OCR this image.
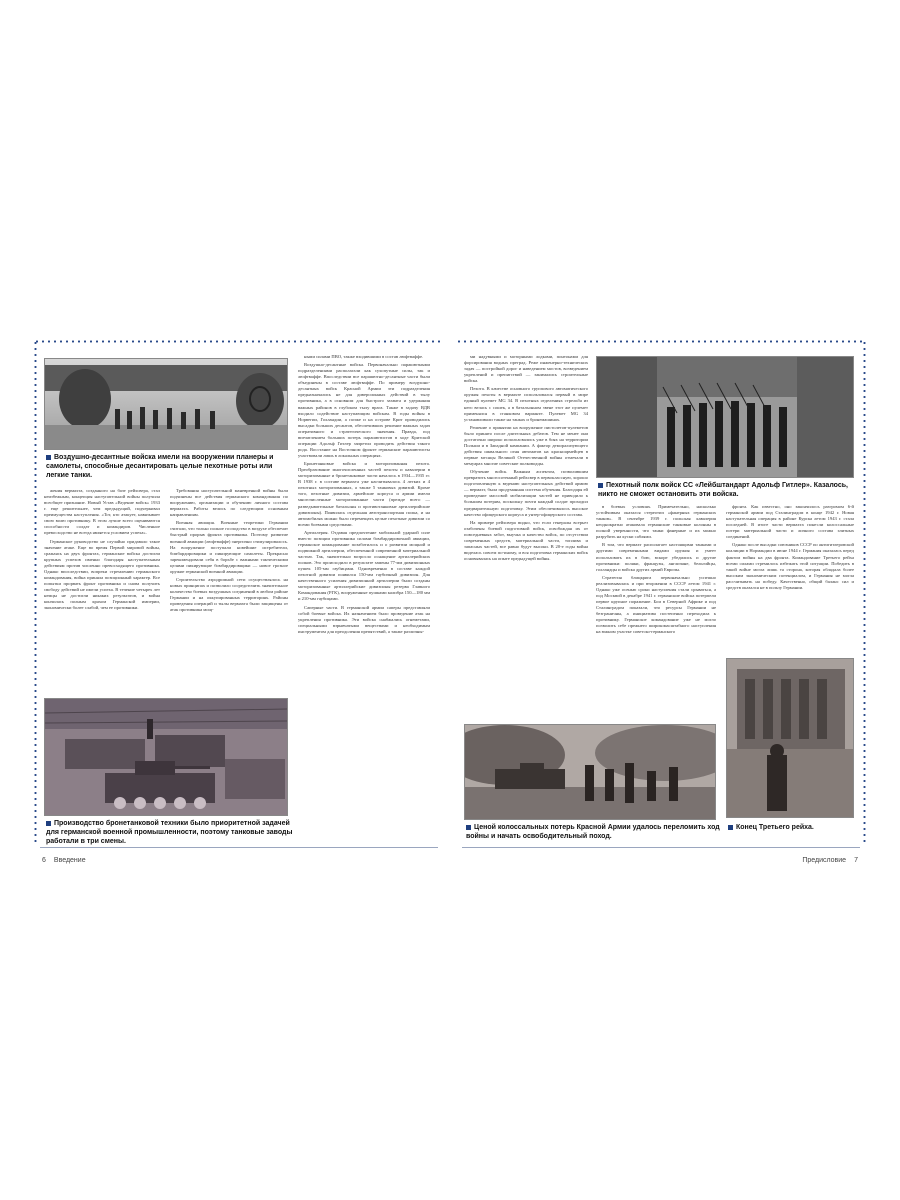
Воздушно-десантные войска имели на вооружении планеры и самолеты, способные десантировать целые пехотные роты или легкие танки.

жения вермахта, созданного на базе рейхсвера, стал неизбежным, концепция наступательной войны получила всеобщее признание. Новый Устав «Ведение войск» 1933 г. еще решительнее, чем предыдущий, подчеркивал преимущества наступления. «Тот, кто атакует, навязывает свою волю противнику. В этом лучше всего оцениваются способности солдат и командиров. Численное превосходство не всегда является условием успеха».

Германское руководство не случайно придавало такое значение атаке. Еще во время Первой мировой войны, сражаясь на двух фронтах, германские войска достигли крупных успехов именно благодаря наступательным действиям против численно превосходящего противника. Однако впоследствии, вопреки стремлению германского командования, война приняла позиционный характер. Все попытки прорвать фронт противника и снова получить свободу действий не имели успеха. В течение четырех лет немцы не достигли никаких результатов, и война кончилась полным крахом Германской империи, экономически более слабой, чем ее противники.

Требования наступательной маневренной войны были подчинены все действия германского командования по вооружению, организации и обучению личного состава вермахта. Работы велись по следующим основным направлениям.

Военная авиация. Военные теоретики Германии считали, что только полное господство в воздухе обеспечит быстрый прорыв фронта противника. Поэтому развитие военной авиации (люфтваффе) энергично стимулировалось. На вооружение поступали новейшие истребители, бомбардировщики и пикирующие самолеты. Прекрасно зарекомендовали себя в борьбе с важными тактическими целями пикирующие бомбардировщики — новое грозное оружие германской военной авиации.

Строительство аэродромной сети осуществлялось на новых принципах и позволило сосредоточить значительное количество боевых воздушных соединений в любом районе Германии и на оккупированных территориях. Районы проведения операций и тылы вермахта были защищены от атак противника мощ-

ными силами ПВО, также входившими в состав люфтваффе.

Воздушно-десантные войска. Первоначально парашютными подразделениями располагали как сухопутные силы, так и люфтваффе. Впоследствии все парашютно-десантные части были объединены в составе люфтваффе. По примеру воздушно-десантных войск Красной Армии эти подразделения предназначались не для диверсионных действий в тылу противника, а в основном для быстрого захвата и удержания важных районов в глубоком тылу врага. Также в задачу ВДВ входило содействие наступающим войскам. В годы войны в Норвегии, Голландии, а позже и на острове Крит проводились высадки больших десантов, обеспечивших решение важных задач оперативного и стратегического значения. Правда, под впечатлением больших потерь парашютистов в ходе Критской операции Адольф Гитлер запретил проводить действия такого рода. Восстание на Восточном фронте германские парашютисты участвовали лишь в локальных операциях.

Бронетанковые войска и моторизованная пехота. Преобразование многочисленных частей пехоты и кавалерии в моторизованные и бронетанковые части началось в 1934—1935 гг. В 1938 г. в составе вермахта уже насчитывалось 4 легких и 4 пехотных моторизованных, а также 5 танковых дивизий. Кроме того, пехотные дивизии, армейские корпуса и армии имели многочисленные моторизованные части (прежде всего — разведывательные батальоны и противотанковые артиллерийские дивизионы). Появилась отдельная автотранспортная полка, и на автомобилях можно было перемещать целые пехотные дивизии со всеми боевыми средствами.

Артиллерия. Отдавая предпочтение мобильной ударной силе вместо позиции противника силами бомбардировочной авиации, германское командование позаботилось и о развитии мощной и подвижной артиллерии, обеспеченной современной материальной частью. Так, значительно возросло оснащение артиллерийских полков. Это происходило в результате замены 77-мм дивизионных пушек 105-мм гаубицами. Одновременно в составе каждой пехотной дивизии появился 150-мм гаубичный дивизион. Для качественного усиления дивизионной артиллерии были созданы моторизованные артиллерийские дивизионы резерва Главного Командования (РГК), вооруженные пушками калибра 150—180 мм и 210-мм гаубицами.

Саперные части. В германской армии саперы представляли собой боевые войска. Их назначением было проведение атак на укрепления противника. Эти войска снабжались огнеметами, специальными взрывчатыми веществами и необходимым инструментом для преодоления препятствий, а также различны-

Производство бронетанковой техники было приоритетной задачей для германской военной промышленности, поэтому танковые заводы работали в три смены.
6 Введение

ми надувными и моторными лодками, понтонами для форсирования водных преград. Реже инженерно-технических задач — постройкой дорог и наведением мостов, возведением укреплений и препятствий — занимались строительные войска.

Пехота. В качестве основного группового автоматического оружия пехоты в вермахте использовался первый в мире единый пулемет MG 34. В пехотных отделениях стрельба из него велась с сошек, а в батальонном звене этот же пулемет применялся в станковом варианте. Пулемет MG 34 устанавливали также на танках и бронемашинах.

Решение о принятии на вооружение пистолетов-пулеметов было принято после длительных дебатов. Тем не менее они достаточно широко использовались уже в боях на территории Польши и в Западной кампании. А фактор деморализующего действия шквального огня автоматов на красноармейцев в первые месяцы Великой Отечественной войны отмечали в мемуарах многие советские полководцы.

Обучение войск. Важным аспектом, позволившим превратить многосотенный рейхсвер в первоклассную, хорошо подготовленную к ведению наступательных действий армию — вермахт, была продуманная система обучения. Благодаря ей проведение массовой мобилизации частей не приводило к большим потерям, поскольку почти каждый солдат проходил предварительную подготовку. Этим обеспечивалось высокое качество офицерского корпуса и унтер-офицерского состава.

На примере рейхсвера видно, что если генералы всерьез озабочены боевой подготовкой войск, освобождая их от повседневных забот, выучка и качество войск, по отсутствии современных средств, материальной части, топлива и запасных частей, все равно будут высоки. В 20-е годы война виделась совсем по-иному, и вся подготовка германских войск основывалась на опыте предыдущей войны.

Пехотный полк войск СС «Лейбштандарт Адольф Гитлер». Казалось, никто не сможет остановить эти войска.

в боевых условиях. Примечательно, насколько устойчивым оказался стереотип «фанерных германских танков». В сентябре 1939 г. польская кавалерия неоднократно атаковала германские танковые колонны в полной уверенности, что танки фанерные и их можно разрубить на куски саблями.

В том, что вермахт располагает настоящими танками и другими современными видами оружия и умеет использовать их в бою, вскоре убедились и другие противники: поляки, французы, англичане, бельгийцы, голландцы и войска других армий Европы.

Стратегия блицкрига первоначально успешно реализовывалась и при вторжении в СССР летом 1941 г. Однако уже осенью сроки наступления стали срываться, а под Москвой в декабре 1941 г. германские войска потерпели первое крупное поражение. Бои в Северной Африке и под Сталинградом показали, что ресурсы Германии не безграничны, а инициатива постепенно переходила к противнику. Германское командование уже не могло позволить себе прежнего широкомасштабного наступления на южном участке советско-германского

фронта. Как известно, оно закончилось разгромом 6-й германской армии под Сталинградом в конце 1942 г. Новая наступательная операция в районе Курска летом 1943 г. стала последней. В итоге части вермахта понесли колоссальные потери материальной части и личного состава элитных соединений.

Однако после высадки союзников СССР по антигитлеровской коалиции в Нормандии в июне 1944 г. Германия оказалась перед фактом войны на два фронта. Командование Третьего рейха всеми силами стремилось избежать этой ситуации. Победить в такой войне могла лишь та сторона, которая обладала более высоким экономическим потенциалом, и Германия не могла рассчитывать на победу. Качественно, общий баланс сил и средств оказался не в пользу Германии.

Ценой колоссальных потерь Красной Армии удалось переломить ход войны и начать освободительный поход.
Конец Третьего рейха.
Предисловие 7
